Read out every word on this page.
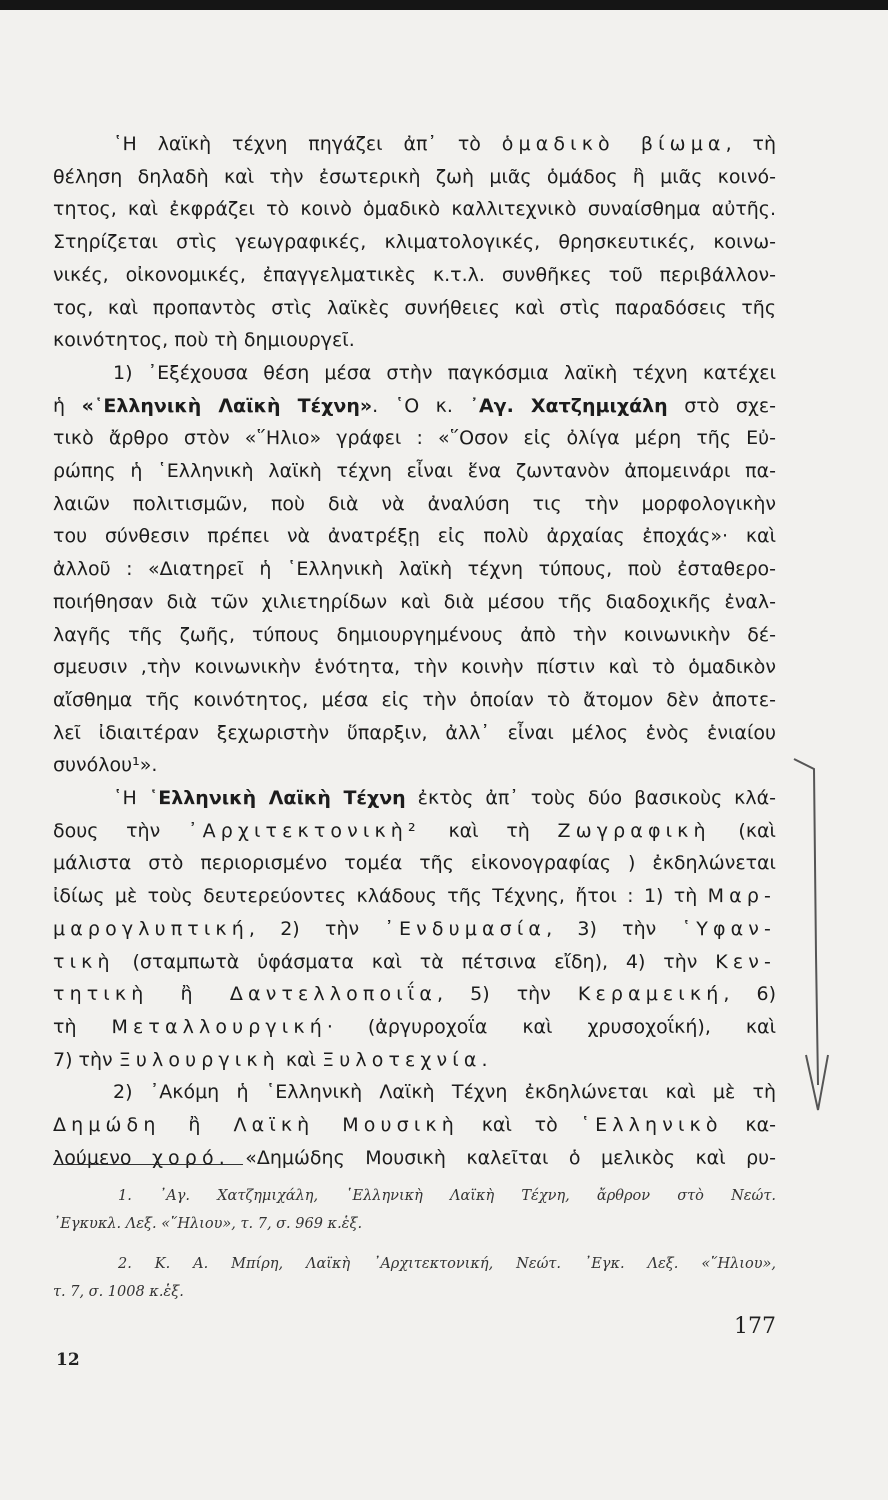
῾Η λαϊκὴ τέχνη πηγάζει ἀπ᾽ τὸ ὁμαδικὸ βίωμα, τὴ
θέληση δηλαδὴ καὶ τὴν ἐσωτερικὴ ζωὴ μιᾶς ὁμάδος ἢ μιᾶς κοινό-
τητος, καὶ ἐκφράζει τὸ κοινὸ ὁμαδικὸ καλλιτεχνικὸ συναίσθημα αὐτῆς.
Στηρίζεται στὶς γεωγραφικές, κλιματολογικές, θρησκευτικές, κοινω-
νικές, οἰκονομικές, ἐπαγγελματικὲς κ.τ.λ. συνθῆκες τοῦ περιβάλλον-
τος, καὶ προπαντὸς στὶς λαϊκὲς συνήθειες καὶ στὶς παραδόσεις τῆς
κοινότητος, ποὺ τὴ δημιουργεῖ.
1) ᾽Εξέχουσα θέση μέσα στὴν παγκόσμια λαϊκὴ τέχνη κατέχει
ἡ «῾Ελληνικὴ Λαϊκὴ Τέχνη». ῾Ο κ. ᾽Αγ. Χατζημιχάλη στὸ σχε-
τικὸ ἄρθρο στὸν «῞Ηλιο» γράφει : «῞Οσον εἰς ὀλίγα μέρη τῆς Εὐ-
ρώπης ἡ ῾Ελληνικὴ λαϊκὴ τέχνη εἶναι ἕνα ζωντανὸν ἀπομεινάρι πα-
λαιῶν πολιτισμῶν, ποὺ διὰ νὰ ἀναλύση τις τὴν μορφολογικὴν
του σύνθεσιν πρέπει νὰ ἀνατρέξῃ εἰς πολὺ ἀρχαίας ἐποχάς»· καὶ
ἀλλοῦ : «Διατηρεῖ ἡ ῾Ελληνικὴ λαϊκὴ τέχνη τύπους, ποὺ ἐσταθερο-
ποιήθησαν διὰ τῶν χιλιετηρίδων καὶ διὰ μέσου τῆς διαδοχικῆς ἐναλ-
λαγῆς τῆς ζωῆς, τύπους δημιουργημένους ἀπὸ τὴν κοινωνικὴν δέ-
σμευσιν ,τὴν κοινωνικὴν ἑνότητα, τὴν κοινὴν πίστιν καὶ τὸ ὁμαδικὸν
αἴσθημα τῆς κοινότητος, μέσα εἰς τὴν ὁποίαν τὸ ἄτομον δὲν ἀποτε-
λεῖ ἰδιαιτέραν ξεχωριστὴν ὕπαρξιν, ἀλλ᾽ εἶναι μέλος ἑνὸς ἑνιαίου
συνόλου¹».
῾Η ῾Ελληνικὴ Λαϊκὴ Τέχνη ἐκτὸς ἀπ᾽ τοὺς δύο βασικοὺς κλά-
δους τὴν ᾽Αρχιτεκτονικὴ² καὶ τὴ Ζωγραφικὴ (καὶ
μάλιστα στὸ περιορισμένο τομέα τῆς εἰκονογραφίας ) ἐκδηλώνεται
ἰδίως μὲ τοὺς δευτερεύοντες κλάδους τῆς Τέχνης, ἤτοι : 1) τὴ Μαρ-
μαρογλυπτική, 2) τὴν ᾽Ενδυμασία, 3) τὴν ῾Υφαν-
τικὴ (σταμπωτὰ ὑφάσματα καὶ τὰ πέτσινα εἴδη), 4) τὴν Κεν-
τητικὴ ἢ Δαντελλοποιΐα, 5) τὴν Κεραμεική, 6)
τὴ Μεταλλουργική· (ἀργυροχοΐα καὶ χρυσοχοΐκή), καὶ
7) τὴν Ξυλουργικὴ καὶ Ξυλοτεχνία.
2) ᾽Ακόμη ἡ ῾Ελληνικὴ Λαϊκὴ Τέχνη ἐκδηλώνεται καὶ μὲ τὴ
Δημώδη ἢ Λαϊκὴ Μουσικὴ καὶ τὸ ῾Ελληνικὸ κα-
λούμενο χορό. «Δημώδης Μουσικὴ καλεῖται ὁ μελικὸς καὶ ρυ-
1. ᾽Αγ. Χατζημιχάλη, ῾Ελληνικὴ Λαϊκὴ Τέχνη, ἄρθρον στὸ Νεώτ.
᾽Εγκυκλ. Λεξ. «῞Ηλιου», τ. 7, σ. 969 κ.ἑξ.
2. Κ. Α. Μπίρη, Λαϊκὴ ᾽Αρχιτεκτονική, Νεώτ. ᾽Εγκ. Λεξ. «῞Ηλιου»,
τ. 7, σ. 1008 κ.ἑξ.
177
12
